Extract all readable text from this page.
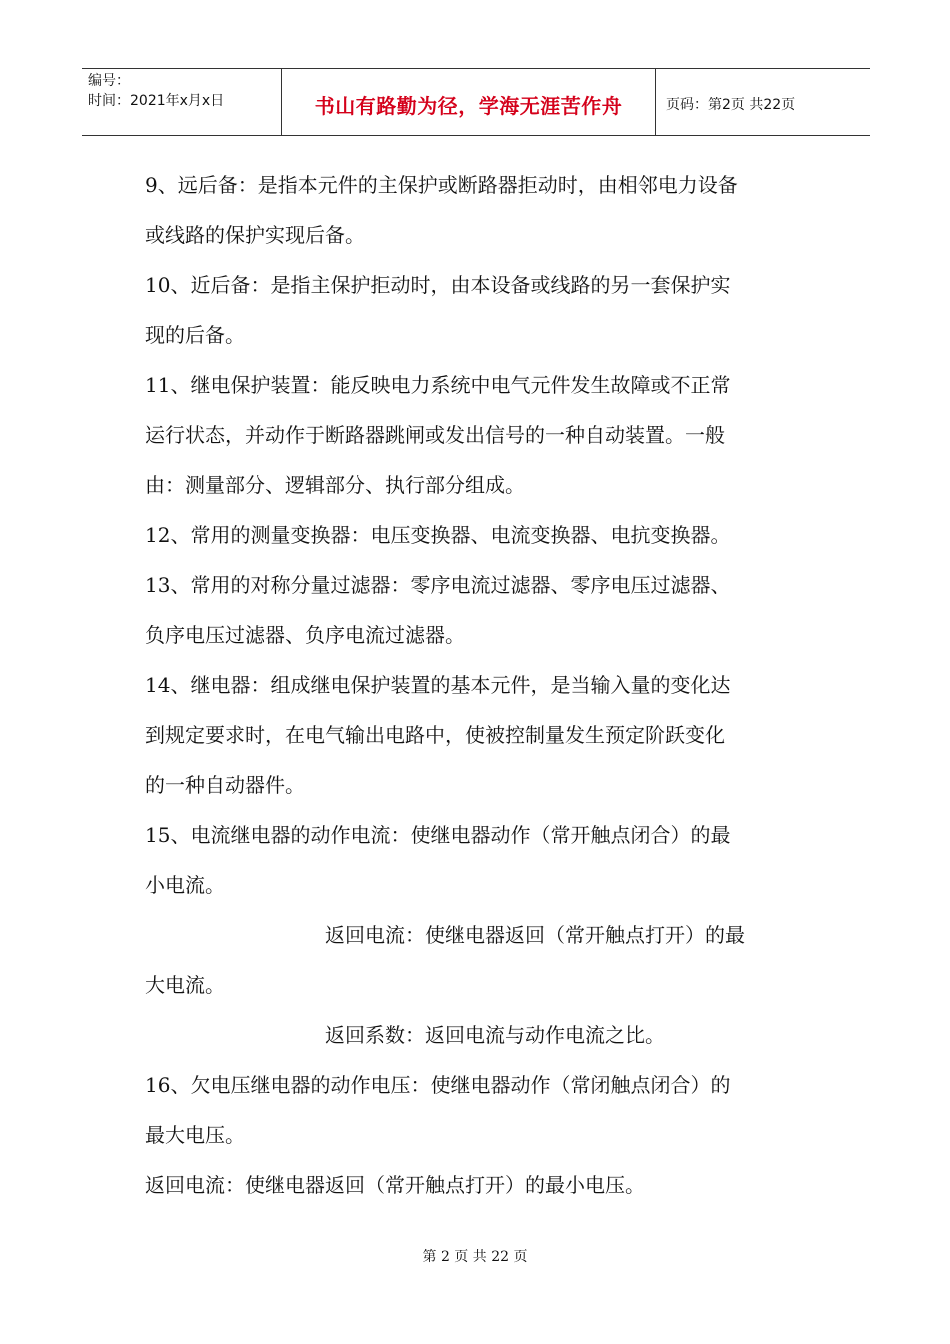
编号：
时间：2021年x月x日	书山有路勤为径，学海无涯苦作舟	页码：第2页 共22页
9、远后备：是指本元件的主保护或断路器拒动时，由相邻电力设备
或线路的保护实现后备。
10、近后备：是指主保护拒动时，由本设备或线路的另一套保护实
现的后备。
11、继电保护装置：能反映电力系统中电气元件发生故障或不正常
运行状态，并动作于断路器跳闸或发出信号的一种自动装置。一般
由：测量部分、逻辑部分、执行部分组成。
12、常用的测量变换器：电压变换器、电流变换器、电抗变换器。
13、常用的对称分量过滤器：零序电流过滤器、零序电压过滤器、
负序电压过滤器、负序电流过滤器。
14、继电器：组成继电保护装置的基本元件，是当输入量的变化达
到规定要求时，在电气输出电路中，使被控制量发生预定阶跃变化
的一种自动器件。
15、电流继电器的动作电流：使继电器动作（常开触点闭合）的最
小电流。
返回电流：使继电器返回（常开触点打开）的最
大电流。
返回系数：返回电流与动作电流之比。
16、欠电压继电器的动作电压：使继电器动作（常闭触点闭合）的
最大电压。
返回电流：使继电器返回（常开触点打开）的最小电压。
第 2 页 共 22 页
